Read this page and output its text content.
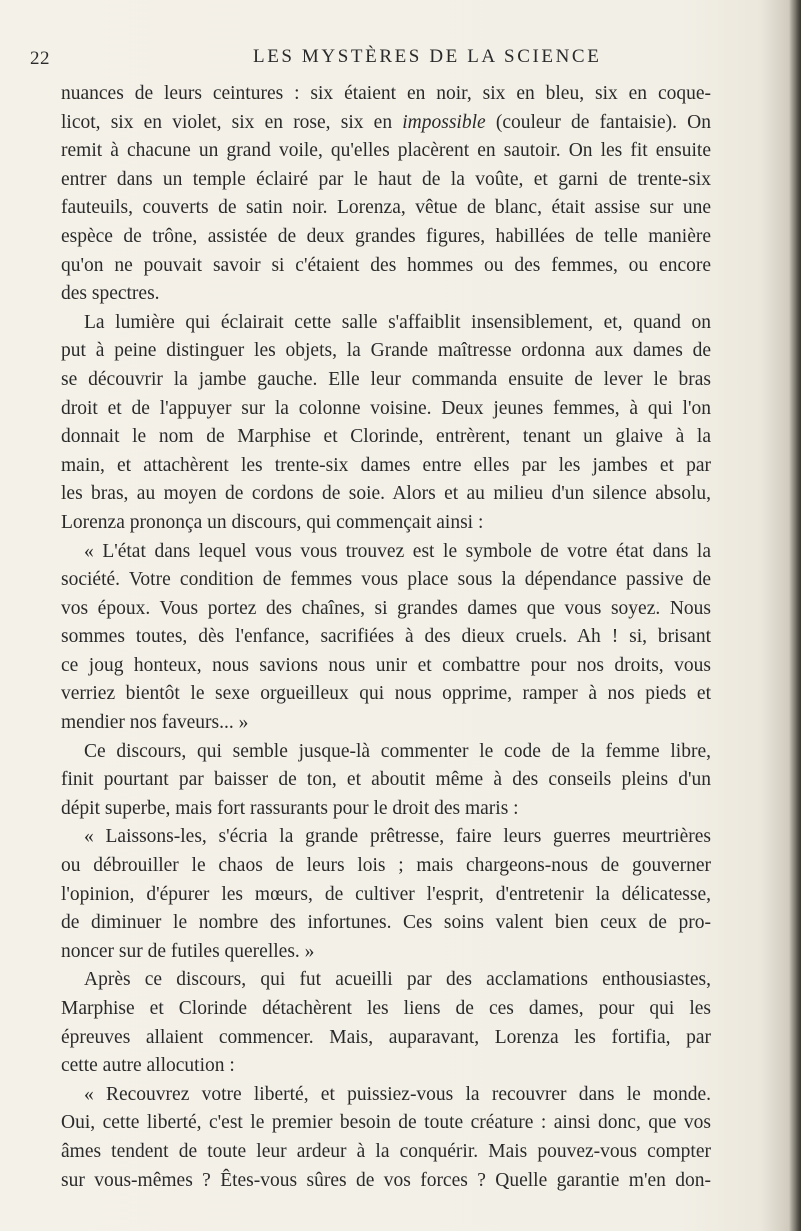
22	LES MYSTÈRES DE LA SCIENCE
nuances de leurs ceintures : six étaient en noir, six en bleu, six en coque-
licot, six en violet, six en rose, six en impossible (couleur de fantaisie). On
remit à chacune un grand voile, qu'elles placèrent en sautoir. On les fit ensuite
entrer dans un temple éclairé par le haut de la voûte, et garni de trente-six
fauteuils, couverts de satin noir. Lorenza, vêtue de blanc, était assise sur une
espèce de trône, assistée de deux grandes figures, habillées de telle manière
qu'on ne pouvait savoir si c'étaient des hommes ou des femmes, ou encore
des spectres.
La lumière qui éclairait cette salle s'affaiblit insensiblement, et, quand on
put à peine distinguer les objets, la Grande maîtresse ordonna aux dames de
se découvrir la jambe gauche. Elle leur commanda ensuite de lever le bras
droit et de l'appuyer sur la colonne voisine. Deux jeunes femmes, à qui l'on
donnait le nom de Marphise et Clorinde, entrèrent, tenant un glaive à la
main, et attachèrent les trente-six dames entre elles par les jambes et par
les bras, au moyen de cordons de soie. Alors et au milieu d'un silence absolu,
Lorenza prononça un discours, qui commençait ainsi :
« L'état dans lequel vous vous trouvez est le symbole de votre état dans la
société. Votre condition de femmes vous place sous la dépendance passive de
vos époux. Vous portez des chaînes, si grandes dames que vous soyez. Nous
sommes toutes, dès l'enfance, sacrifiées à des dieux cruels. Ah ! si, brisant
ce joug honteux, nous savions nous unir et combattre pour nos droits, vous
verriez bientôt le sexe orgueilleux qui nous opprime, ramper à nos pieds et
mendier nos faveurs... »
Ce discours, qui semble jusque-là commenter le code de la femme libre,
finit pourtant par baisser de ton, et aboutit même à des conseils pleins d'un
dépit superbe, mais fort rassurants pour le droit des maris :
« Laissons-les, s'écria la grande prêtresse, faire leurs guerres meurtrières
ou débrouiller le chaos de leurs lois ; mais chargeons-nous de gouverner
l'opinion, d'épurer les mœurs, de cultiver l'esprit, d'entretenir la délicatesse,
de diminuer le nombre des infortunes. Ces soins valent bien ceux de pro-
noncer sur de futiles querelles. »
Après ce discours, qui fut acueilli par des acclamations enthousiastes,
Marphise et Clorinde détachèrent les liens de ces dames, pour qui les
épreuves allaient commencer. Mais, auparavant, Lorenza les fortifia, par
cette autre allocution :
« Recouvrez votre liberté, et puissiez-vous la recouvrer dans le monde.
Oui, cette liberté, c'est le premier besoin de toute créature : ainsi donc, que vos
âmes tendent de toute leur ardeur à la conquérir. Mais pouvez-vous compter
sur vous-mêmes ? Êtes-vous sûres de vos forces ? Quelle garantie m'en don-
